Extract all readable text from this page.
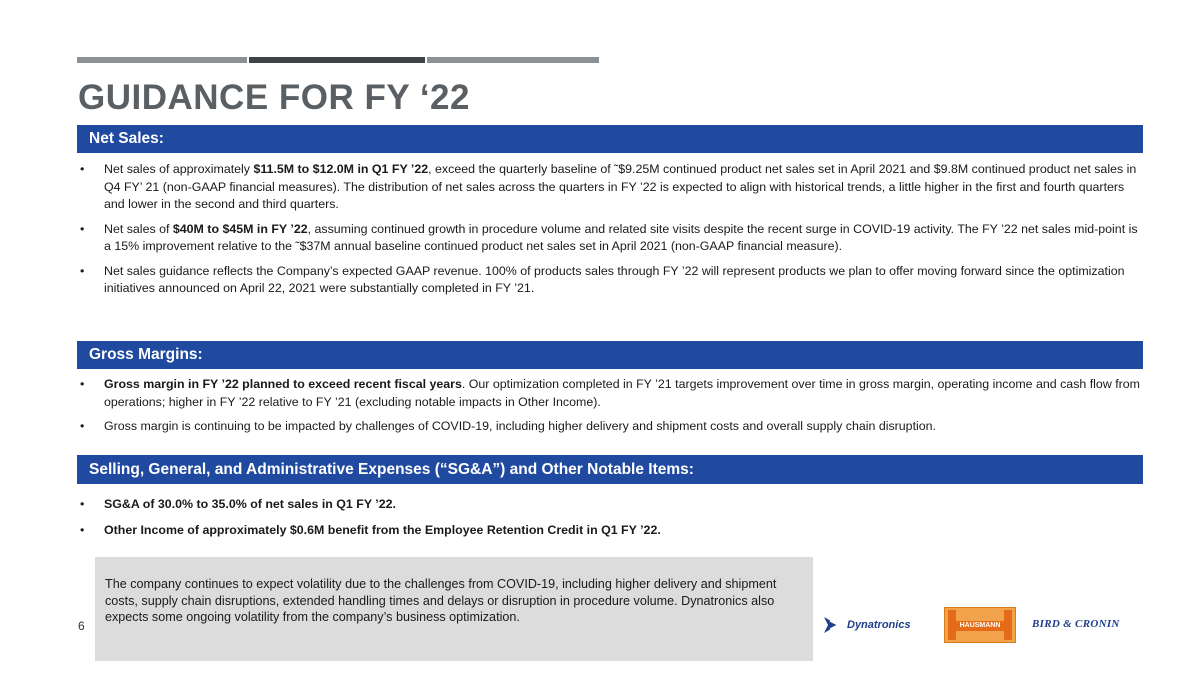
GUIDANCE FOR FY ‘22
Net Sales:
• Net sales of approximately $11.5M to $12.0M in Q1 FY ’22, exceed the quarterly baseline of ˜$9.25M continued product net sales set in April 2021 and $9.8M continued product net sales in Q4 FY’ 21 (non-GAAP financial measures). The distribution of net sales across the quarters in FY ’22 is expected to align with historical trends, a little higher in the first and fourth quarters and lower in the second and third quarters.
• Net sales of $40M to $45M in FY ’22, assuming continued growth in procedure volume and related site visits despite the recent surge in COVID-19 activity. The FY ’22 net sales mid-point is a 15% improvement relative to the ˜$37M annual baseline continued product net sales set in April 2021 (non-GAAP financial measure).
• Net sales guidance reflects the Company’s expected GAAP revenue. 100% of products sales through FY ’22 will represent products we plan to offer moving forward since the optimization initiatives announced on April 22, 2021 were substantially completed in FY ’21.
Gross Margins:
• Gross margin in FY ’22 planned to exceed recent fiscal years. Our optimization completed in FY ’21 targets improvement over time in gross margin, operating income and cash flow from operations; higher in FY ’22 relative to FY ’21 (excluding notable impacts in Other Income).
• Gross margin is continuing to be impacted by challenges of COVID-19, including higher delivery and shipment costs and overall supply chain disruption.
Selling, General, and Administrative Expenses (“SG&A”) and Other Notable Items:
• SG&A of 30.0% to 35.0% of net sales in Q1 FY ’22.
• Other Income of approximately $0.6M benefit from the Employee Retention Credit in Q1 FY ’22.
The company continues to expect volatility due to the challenges from COVID-19, including higher delivery and shipment costs, supply chain disruptions, extended handling times and delays or disruption in procedure volume. Dynatronics also expects some ongoing volatility from the company’s business optimization.
6	Dynatronics	HAUSMANN	BIRD & CRONIN
